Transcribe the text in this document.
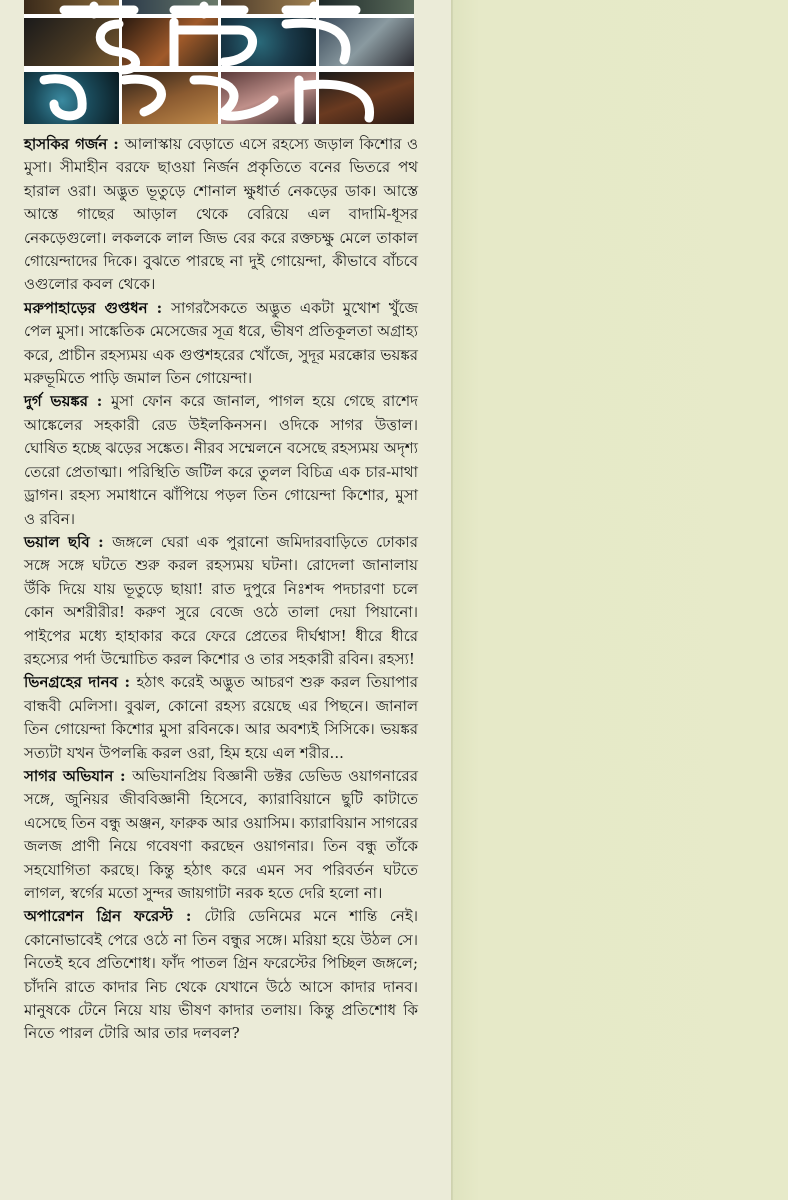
হাসকির গর্জন : আলাস্কায় বেড়াতে এসে রহস্যে জড়াল কিশোর ও মুসা। সীমাহীন বরফে ছাওয়া নির্জন প্রকৃতিতে বনের ভিতরে পথ হারাল ওরা। অদ্ভুত ভূতুড়ে শোনাল ক্ষুধার্ত নেকড়ের ডাক। আস্তে আস্তে গাছের আড়াল থেকে বেরিয়ে এল বাদামি-ধূসর নেকড়েগুলো। লকলকে লাল জিভ বের করে রক্তচক্ষু মেলে তাকাল গোয়েন্দাদের দিকে। বুঝতে পারছে না দুই গোয়েন্দা, কীভাবে বাঁচবে ওগুলোর কবল থেকে।

মরুপাহাড়ের গুপ্তধন : সাগরসৈকতে অদ্ভুত একটা মুখোশ খুঁজে পেল মুসা। সাঙ্কেতিক মেসেজের সূত্র ধরে, ভীষণ প্রতিকূলতা অগ্রাহ্য করে, প্রাচীন রহস্যময় এক গুপ্তশহরের খোঁজে, সুদূর মরক্কোর ভয়ঙ্কর মরুভূমিতে পাড়ি জমাল তিন গোয়েন্দা।

দুর্গ ভয়ঙ্কর : মুসা ফোন করে জানাল, পাগল হয়ে গেছে রাশেদ আঙ্কেলের সহকারী রেড উইলকিনসন। ওদিকে সাগর উত্তাল। ঘোষিত হচ্ছে ঝড়ের সঙ্কেত। নীরব সম্মেলনে বসেছে রহস্যময় অদৃশ্য তেরো প্রেতাত্মা। পরিস্থিতি জটিল করে তুলল বিচিত্র এক চার-মাথা ড্রাগন। রহস্য সমাধানে ঝাঁপিয়ে পড়ল তিন গোয়েন্দা কিশোর, মুসা ও রবিন।

ভয়াল ছবি : জঙ্গলে ঘেরা এক পুরানো জমিদারবাড়িতে ঢোকার সঙ্গে সঙ্গে ঘটতে শুরু করল রহস্যময় ঘটনা। রোদেলা জানালায় উঁকি দিয়ে যায় ভূতুড়ে ছায়া! রাত দুপুরে নিঃশব্দ পদচারণা চলে কোন অশরীরীর! করুণ সুরে বেজে ওঠে তালা দেয়া পিয়ানো। পাইপের মধ্যে হাহাকার করে ফেরে প্রেতের দীর্ঘশ্বাস! ধীরে ধীরে রহস্যের পর্দা উন্মোচিত করল কিশোর ও তার সহকারী রবিন। রহস্য!

ভিনগ্রহের দানব : হঠাৎ করেই অদ্ভুত আচরণ শুরু করল তিয়াপার বান্ধবী মেলিসা। বুঝল, কোনো রহস্য রয়েছে এর পিছনে। জানাল তিন গোয়েন্দা কিশোর মুসা রবিনকে। আর অবশ্যই সিসিকে। ভয়ঙ্কর সত্যটা যখন উপলব্ধি করল ওরা, হিম হয়ে এল শরীর...

সাগর অভিযান : অভিযানপ্রিয় বিজ্ঞানী ডক্টর ডেভিড ওয়াগনারের সঙ্গে, জুনিয়র জীববিজ্ঞানী হিসেবে, ক্যারাবিয়ানে ছুটি কাটাতে এসেছে তিন বন্ধু অঞ্জন, ফারুক আর ওয়াসিম। ক্যারাবিয়ান সাগরের জলজ প্রাণী নিয়ে গবেষণা করছেন ওয়াগনার। তিন বন্ধু তাঁকে সহযোগিতা করছে। কিন্তু হঠাৎ করে এমন সব পরিবর্তন ঘটতে লাগল, স্বর্গের মতো সুন্দর জায়গাটা নরক হতে দেরি হলো না।

অপারেশন গ্রিন ফরেস্ট : টোরি ডেনিমের মনে শান্তি নেই। কোনোভাবেই পেরে ওঠে না তিন বন্ধুর সঙ্গে। মরিয়া হয়ে উঠল সে। নিতেই হবে প্রতিশোধ। ফাঁদ পাতল গ্রিন ফরেস্টের পিচ্ছিল জঙ্গলে; চাঁদনি রাতে কাদার নিচ থেকে যেখানে উঠে আসে কাদার দানব। মানুষকে টেনে নিয়ে যায় ভীষণ কাদার তলায়। কিন্তু প্রতিশোধ কি নিতে পারল টোরি আর তার দলবল?
